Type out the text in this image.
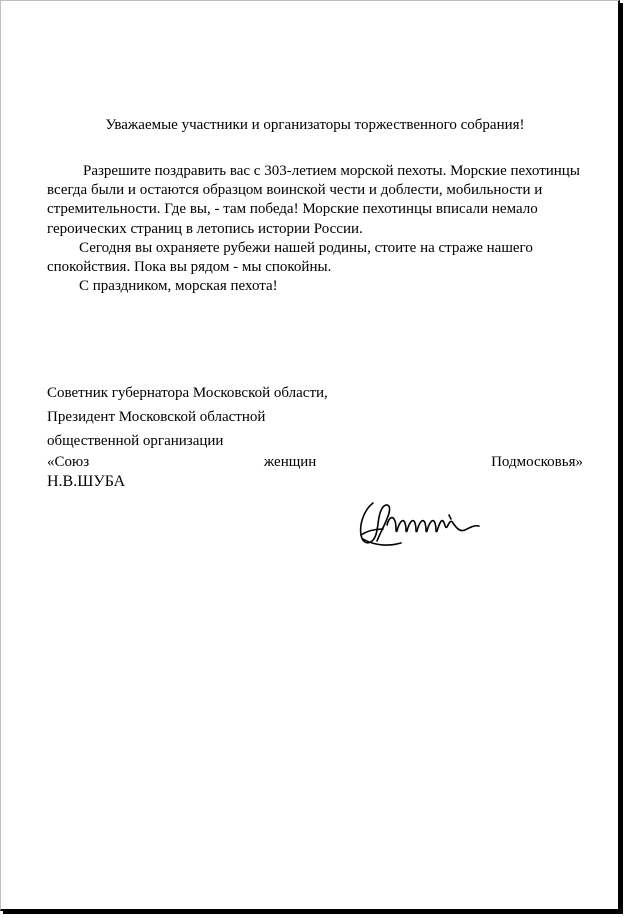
Уважаемые участники и организаторы торжественного собрания!

Разрешите поздравить вас с 303-летием морской пехоты. Морские пехотинцы всегда были и остаются образцом воинской чести и доблести, мобильности и стремительности. Где вы, - там победа! Морские пехотинцы вписали немало героических страниц в летопись истории России.

Сегодня вы охраняете рубежи нашей родины, стоите на страже нашего спокойствия. Пока вы рядом - мы спокойны.

С праздником, морская пехота!

Советник губернатора Московской области,
Президент Московской областной
общественной организации
«Союз	женщин	Подмосковья»
Н.В.ШУБА
